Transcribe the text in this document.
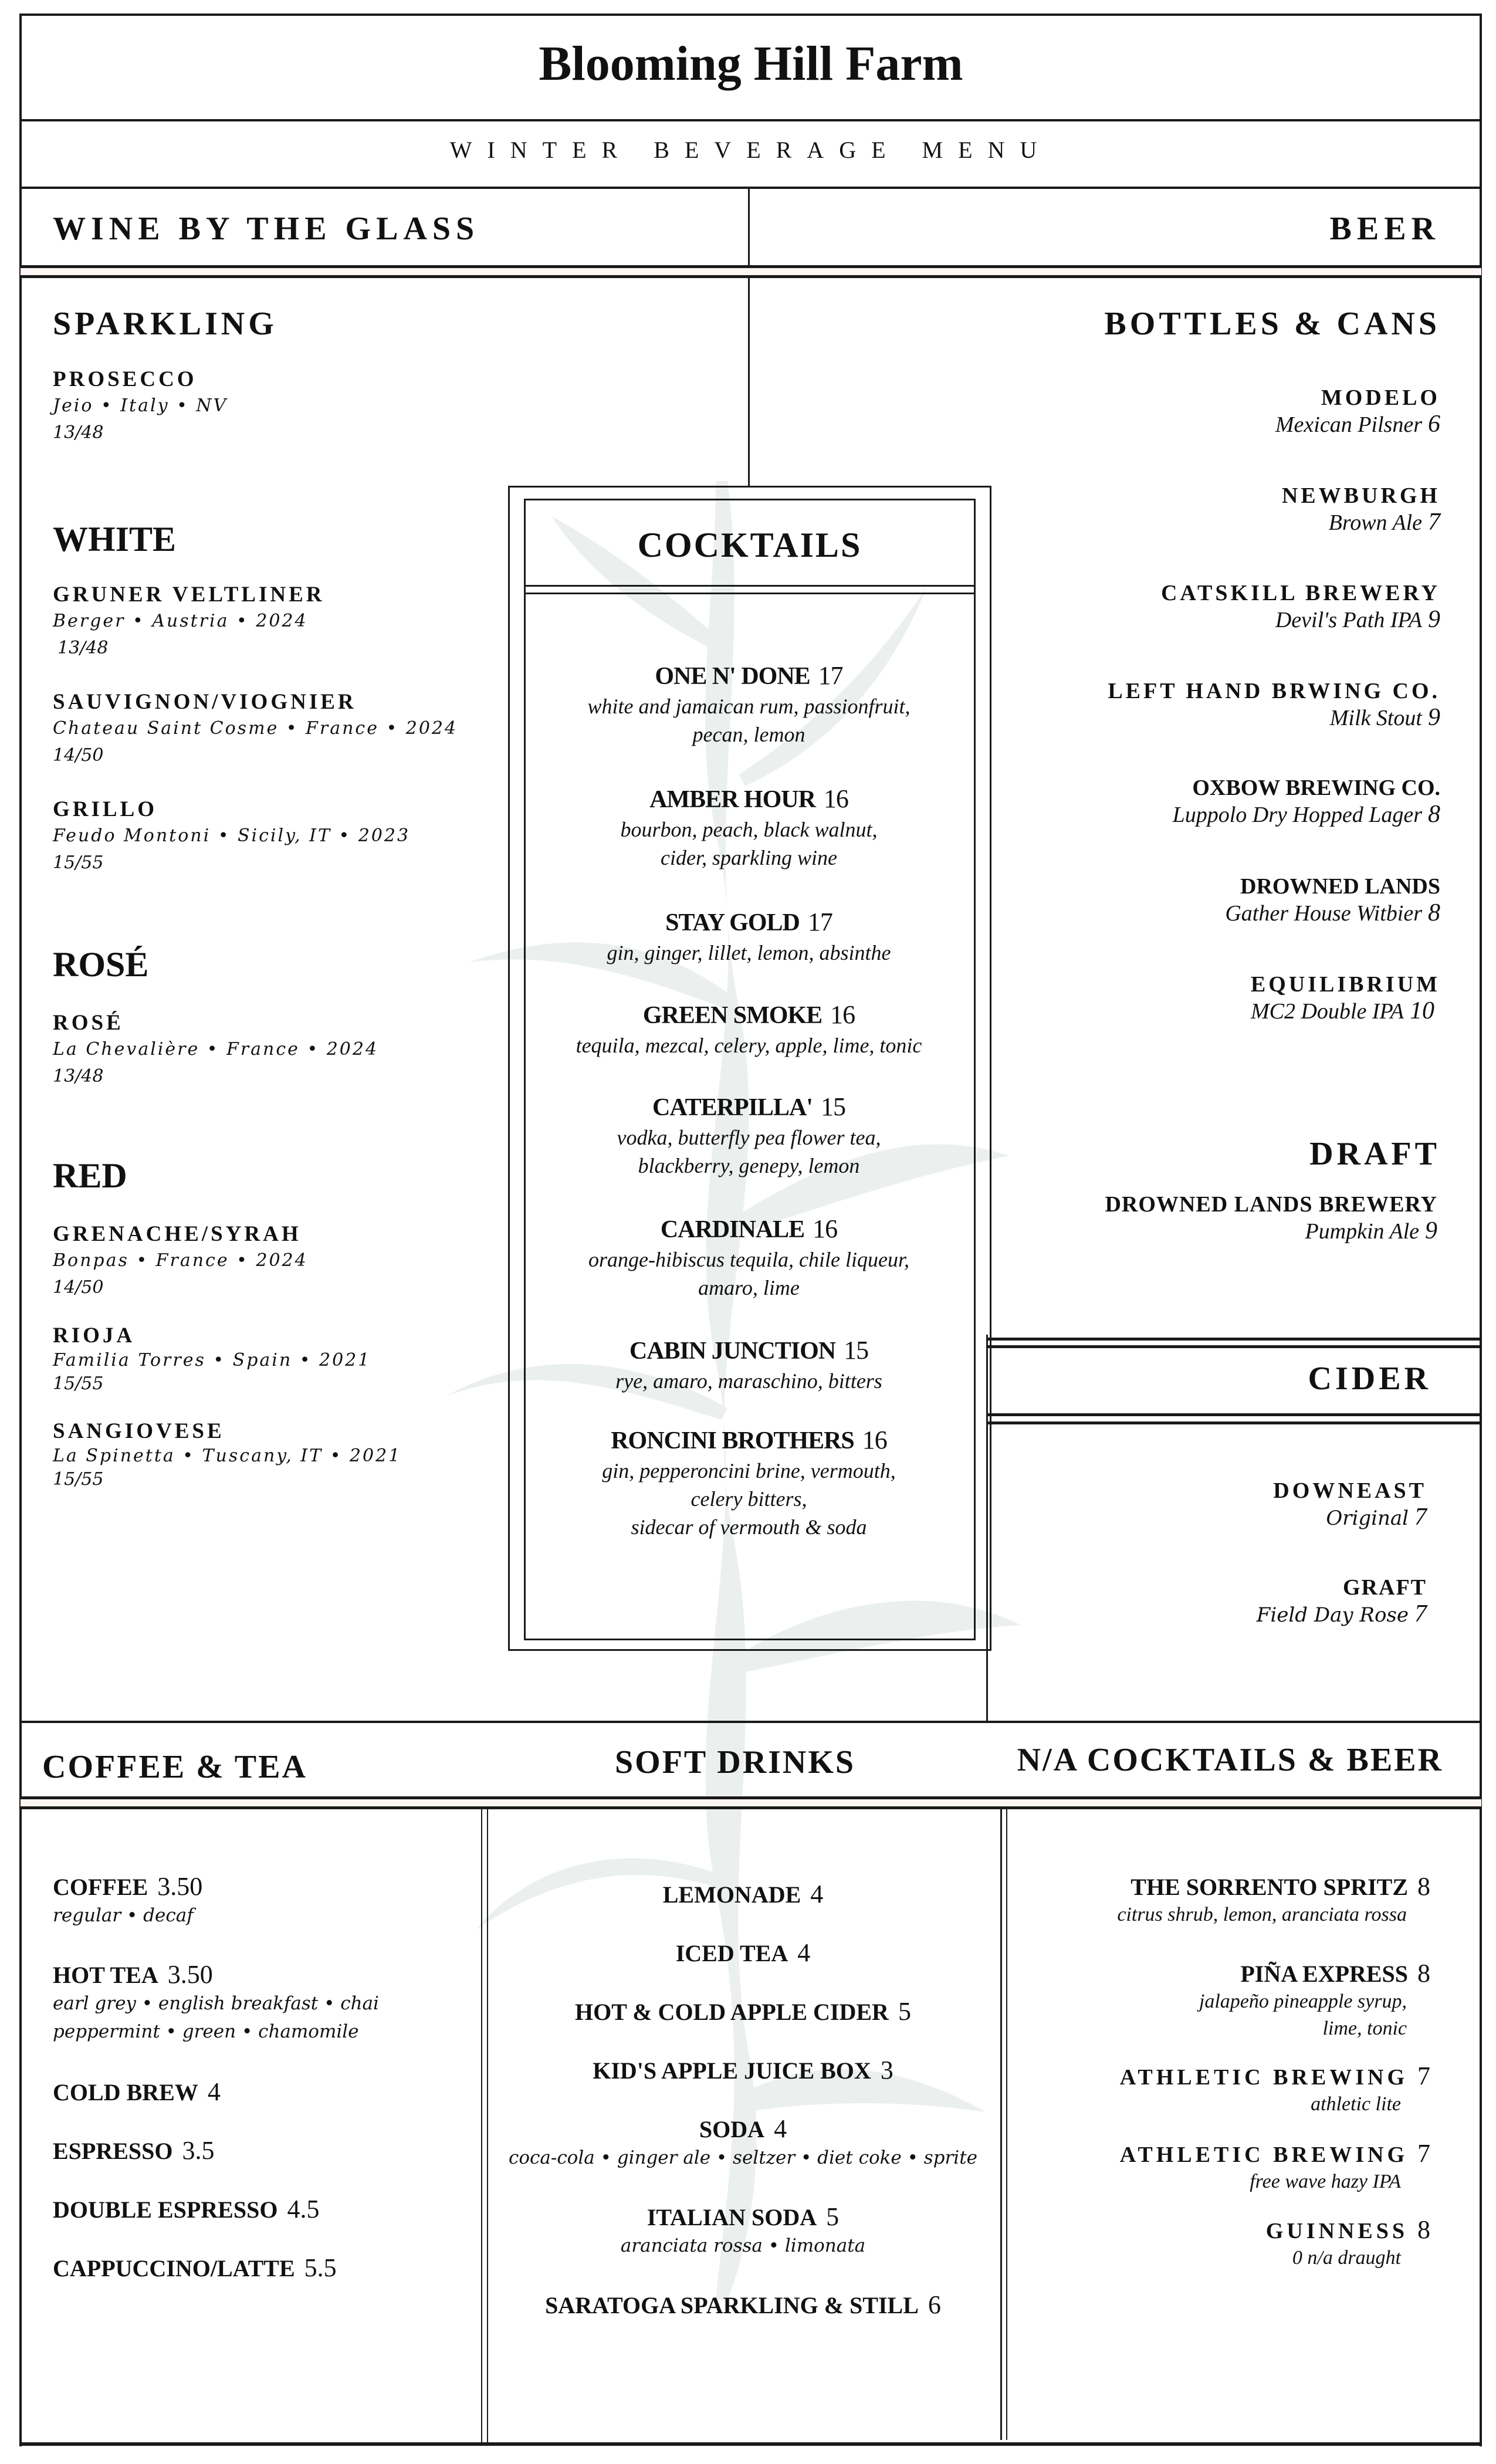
Blooming Hill Farm
WINTER BEVERAGE MENU
WINE BY THE GLASS	BEER
SPARKLING
PROSECCO
Jeio • Italy • NV
13/48
WHITE
GRUNER VELTLINER
Berger • Austria • 2024
13/48
SAUVIGNON/VIOGNIER
Chateau Saint Cosme • France • 2024
14/50
GRILLO
Feudo Montoni • Sicily, IT • 2023
15/55
ROSÉ
ROSÉ
La Chevalière • France • 2024
13/48
RED
GRENACHE/SYRAH
Bonpas • France • 2024
14/50
RIOJA
Familia Torres • Spain • 2021
15/55
SANGIOVESE
La Spinetta • Tuscany, IT • 2021
15/55
COCKTAILS
ONE N' DONE 17
white and jamaican rum, passionfruit,
pecan, lemon
AMBER HOUR 16
bourbon, peach, black walnut,
cider, sparkling wine
STAY GOLD 17
gin, ginger, lillet, lemon, absinthe
GREEN SMOKE 16
tequila, mezcal, celery, apple, lime, tonic
CATERPILLA' 15
vodka, butterfly pea flower tea,
blackberry, genepy, lemon
CARDINALE 16
orange-hibiscus tequila, chile liqueur,
amaro, lime
CABIN JUNCTION 15
rye, amaro, maraschino, bitters
RONCINI BROTHERS 16
gin, pepperoncini brine, vermouth,
celery bitters,
sidecar of vermouth & soda
BOTTLES & CANS
MODELO
Mexican Pilsner 6
NEWBURGH
Brown Ale 7
CATSKILL BREWERY
Devil's Path IPA 9
LEFT HAND BRWING CO.
Milk Stout 9
OXBOW BREWING CO.
Luppolo Dry Hopped Lager 8
DROWNED LANDS
Gather House Witbier 8
EQUILIBRIUM
MC2 Double IPA 10
DRAFT
DROWNED LANDS BREWERY
Pumpkin Ale 9
CIDER
DOWNEAST
Original 7
GRAFT
Field Day Rose 7
COFFEE & TEA	SOFT DRINKS	N/A COCKTAILS & BEER
COFFEE 3.50
regular • decaf
HOT TEA 3.50
earl grey • english breakfast • chai
peppermint • green • chamomile
COLD BREW 4
ESPRESSO 3.5
DOUBLE ESPRESSO 4.5
CAPPUCCINO/LATTE 5.5
LEMONADE 4
ICED TEA 4
HOT & COLD APPLE CIDER 5
KID'S APPLE JUICE BOX 3
SODA 4
coca-cola • ginger ale • seltzer • diet coke • sprite
ITALIAN SODA 5
aranciata rossa • limonata
SARATOGA SPARKLING & STILL 6
THE SORRENTO SPRITZ 8
citrus shrub, lemon, aranciata rossa
PIÑA EXPRESS 8
jalapeño pineapple syrup,
lime, tonic
ATHLETIC BREWING 7
athletic lite
ATHLETIC BREWING 7
free wave hazy IPA
GUINNESS 8
0 n/a draught
